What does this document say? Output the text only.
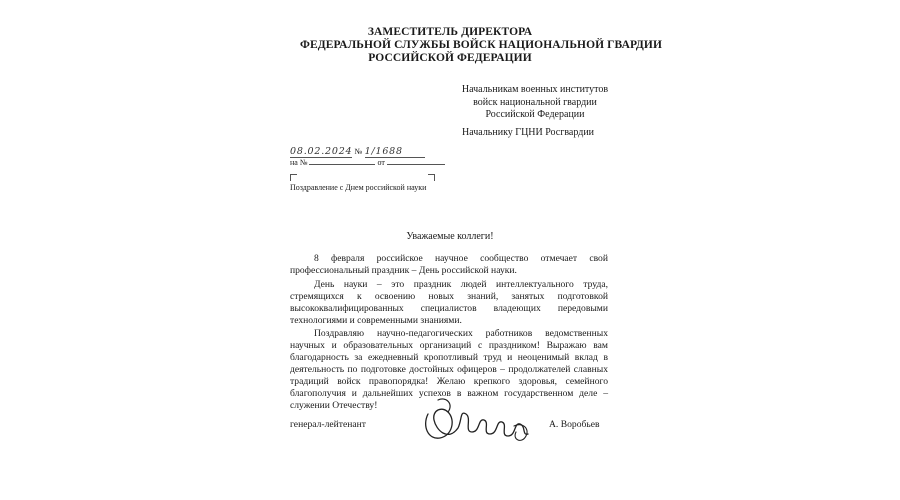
ЗАМЕСТИТЕЛЬ ДИРЕКТОРА
ФЕДЕРАЛЬНОЙ СЛУЖБЫ ВОЙСК НАЦИОНАЛЬНОЙ ГВАРДИИ
РОССИЙСКОЙ ФЕДЕРАЦИИ
Начальникам военных институтов
войск национальной гвардии
Российской Федерации
Начальнику ГЦНИ Росгвардии
08.02.2024 № 1/1688
на №	от
Поздравление с Днем российской науки
Уважаемые коллеги!

8 февраля российское научное сообщество отмечает свой профессиональный праздник – День российской науки.

День науки – это праздник людей интеллектуального труда, стремящихся к освоению новых знаний, занятых подготовкой высококвалифицированных специалистов владеющих передовыми технологиями и современными знаниями.

Поздравляю научно-педагогических работников ведомственных научных и образовательных организаций с праздником! Выражаю вам благодарность за ежедневный кропотливый труд и неоценимый вклад в деятельность по подготовке достойных офицеров – продолжателей славных традиций войск правопорядка! Желаю крепкого здоровья, семейного благополучия и дальнейших успехов в важном государственном деле – служении Отечеству!

генерал-лейтенант	А. Воробьев
